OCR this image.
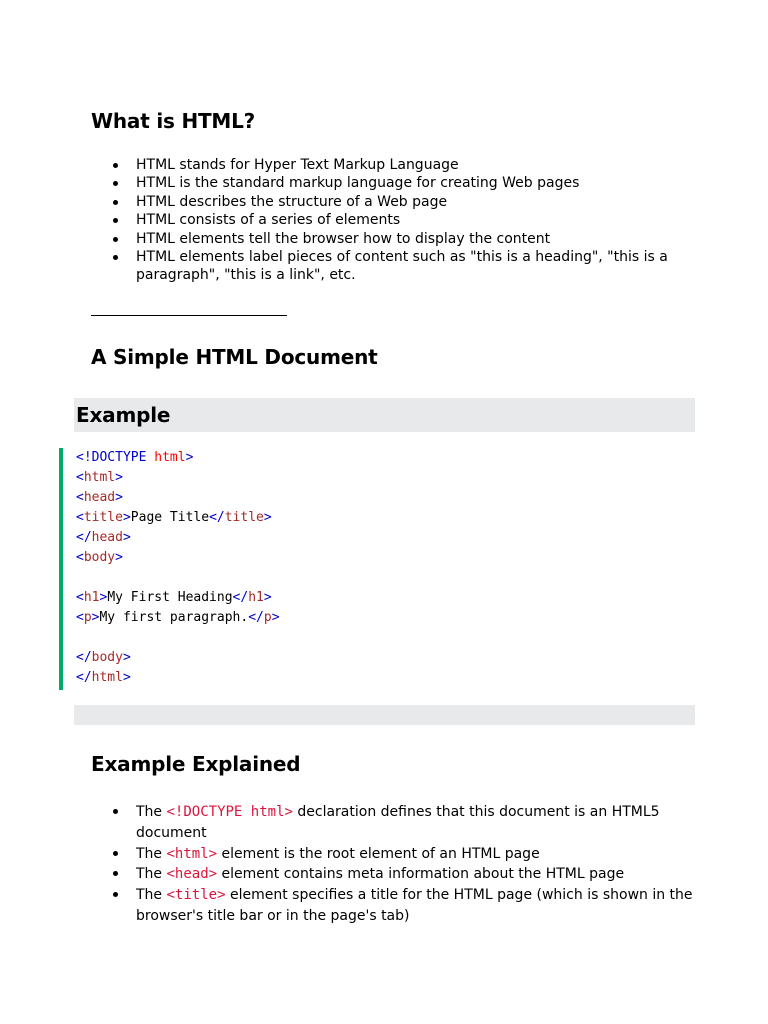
What is HTML?
HTML stands for Hyper Text Markup Language
HTML is the standard markup language for creating Web pages
HTML describes the structure of a Web page
HTML consists of a series of elements
HTML elements tell the browser how to display the content
HTML elements label pieces of content such as "this is a heading", "this is a paragraph", "this is a link", etc.
A Simple HTML Document
Example
<!DOCTYPE html>
<html>
<head>
<title>Page Title</title>
</head>
<body>
<h1>My First Heading</h1>
<p>My first paragraph.</p>
</body>
</html>
Example Explained
The <!DOCTYPE html> declaration defines that this document is an HTML5 document
The <html> element is the root element of an HTML page
The <head> element contains meta information about the HTML page
The <title> element specifies a title for the HTML page (which is shown in the browser's title bar or in the page's tab)
